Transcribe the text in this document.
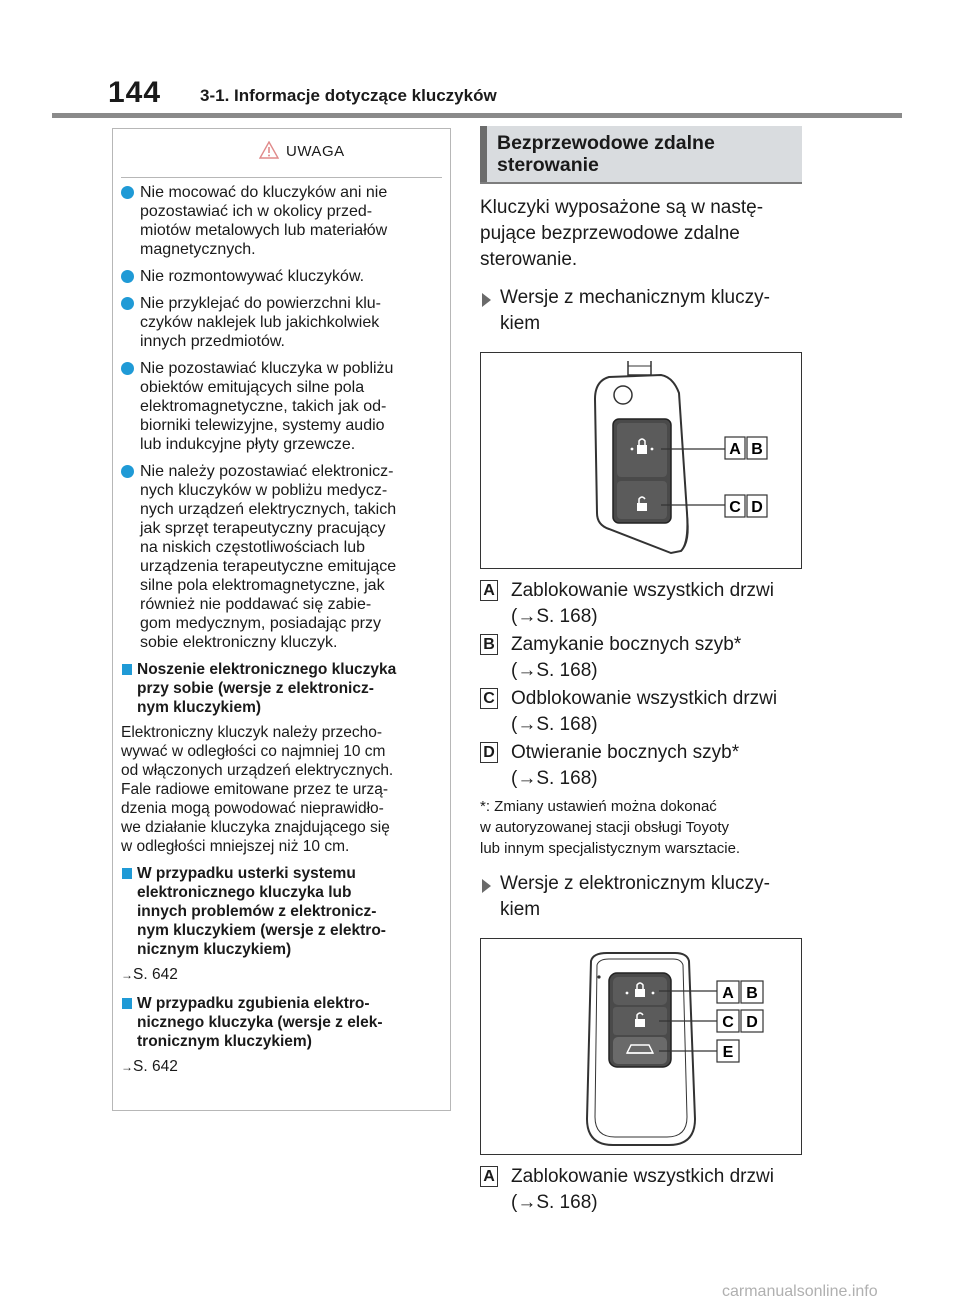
144 3-1. Informacje dotyczące kluczyków
UWAGA
Nie mocować do kluczyków ani nie
pozostawiać ich w okolicy przed-
miotów metalowych lub materiałów
magnetycznych.
Nie rozmontowywać kluczyków.
Nie przyklejać do powierzchni klu-
czyków naklejek lub jakichkolwiek
innych przedmiotów.
Nie pozostawiać kluczyka w pobliżu
obiektów emitujących silne pola
elektromagnetyczne, takich jak od-
biorniki telewizyjne, systemy audio
lub indukcyjne płyty grzewcze.
Nie należy pozostawiać elektronicz-
nych kluczyków w pobliżu medycz-
nych urządzeń elektrycznych, takich
jak sprzęt terapeutyczny pracujący
na niskich częstotliwościach lub
urządzenia terapeutyczne emitujące
silne pola elektromagnetyczne, jak
również nie poddawać się zabie-
gom medycznym, posiadając przy
sobie elektroniczny kluczyk.
Noszenie elektronicznego kluczyka
przy sobie (wersje z elektronicz-
nym kluczykiem)
Elektroniczny kluczyk należy przecho-
wywać w odległości co najmniej 10 cm
od włączonych urządzeń elektrycznych.
Fale radiowe emitowane przez te urzą-
dzenia mogą powodować nieprawidło-
we działanie kluczyka znajdującego się
w odległości mniejszej niż 10 cm.
W przypadku usterki systemu
elektronicznego kluczyka lub
innych problemów z elektronicz-
nym kluczykiem (wersje z elektro-
nicznym kluczykiem)
→S. 642
W przypadku zgubienia elektro-
nicznego kluczyka (wersje z elek-
tronicznym kluczykiem)
→S. 642
Bezprzewodowe zdalne
sterowanie
Kluczyki wyposażone są w nastę-
pujące bezprzewodowe zdalne
sterowanie.
Wersje z mechanicznym kluczy-
kiem
A B
C D
A Zablokowanie wszystkich drzwi
(→S. 168)
B Zamykanie bocznych szyb*
(→S. 168)
C Odblokowanie wszystkich drzwi
(→S. 168)
D Otwieranie bocznych szyb*
(→S. 168)
*: Zmiany ustawień można dokonać
w autoryzowanej stacji obsługi Toyoty
lub innym specjalistycznym warsztacie.
Wersje z elektronicznym kluczy-
kiem
A B
C D
E
A Zablokowanie wszystkich drzwi
(→S. 168)
carmanualsonline.info
